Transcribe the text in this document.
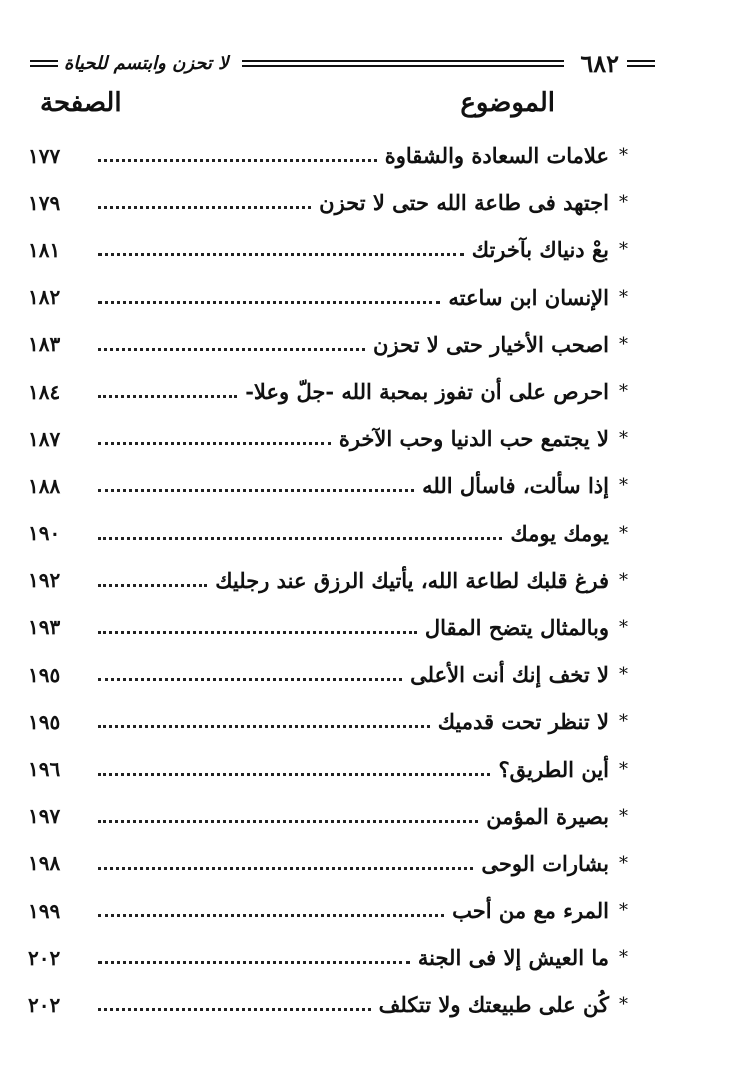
٦٨٢
لا تحزن وابتسم للحياة
الموضوع
الصفحة
*
علامات السعادة والشقاوة
١٧٧
*
اجتهد فى طاعة الله حتى لا تحزن
١٧٩
*
بعْ دنياك بآخرتك
١٨١
*
الإنسان ابن ساعته
١٨٢
*
اصحب الأخيار حتى لا تحزن
١٨٣
*
احرص على أن تفوز بمحبة الله -جلّ وعلا-
١٨٤
*
لا يجتمع حب الدنيا وحب الآخرة
١٨٧
*
إذا سألت، فاسأل الله
١٨٨
*
يومك يومك
١٩٠
*
فرغ قلبك لطاعة الله، يأتيك الرزق عند رجليك
١٩٢
*
وبالمثال يتضح المقال
١٩٣
*
لا تخف إنك أنت الأعلى
١٩٥
*
لا تنظر تحت قدميك
١٩٥
*
أين الطريق؟
١٩٦
*
بصيرة المؤمن
١٩٧
*
بشارات الوحى
١٩٨
*
المرء مع من أحب
١٩٩
*
ما العيش إلا فى الجنة
٢٠٢
*
كُن على طبيعتك ولا تتكلف
٢٠٢
